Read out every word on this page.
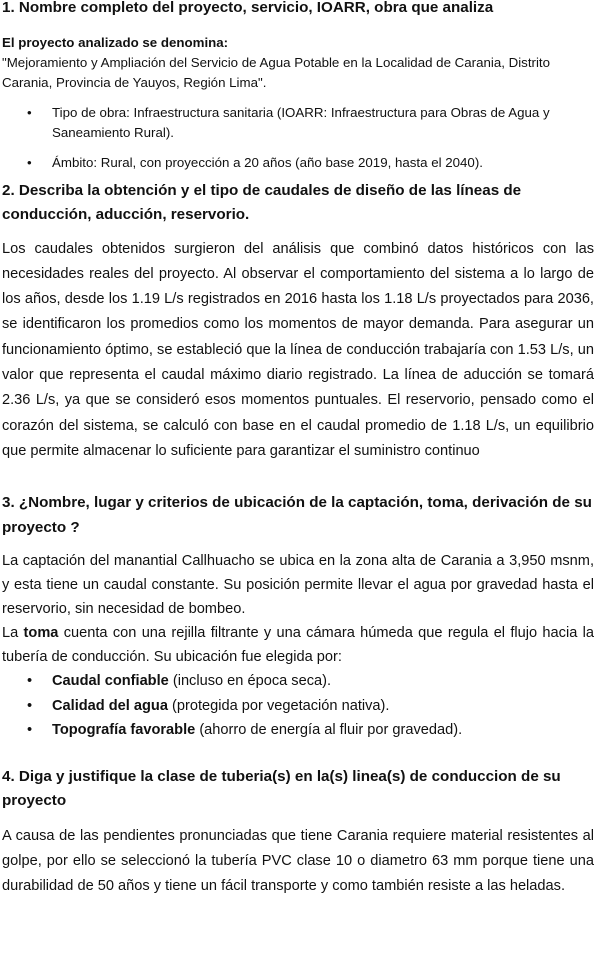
1. Nombre completo del proyecto, servicio, IOARR, obra que analiza

El proyecto analizado se denomina:
"Mejoramiento y Ampliación del Servicio de Agua Potable en la Localidad de Carania, Distrito Carania, Provincia de Yauyos, Región Lima".
• Tipo de obra: Infraestructura sanitaria (IOARR: Infraestructura para Obras de Agua y Saneamiento Rural).
• Ámbito: Rural, con proyección a 20 años (año base 2019, hasta el 2040).

2. Describa la obtención y el tipo de caudales de diseño de las líneas de conducción, aducción, reservorio.

Los caudales obtenidos surgieron del análisis que combinó datos históricos con las necesidades reales del proyecto. Al observar el comportamiento del sistema a lo largo de los años, desde los 1.19 L/s registrados en 2016 hasta los 1.18 L/s proyectados para 2036, se identificaron los promedios como los momentos de mayor demanda. Para asegurar un funcionamiento óptimo, se estableció que la línea de conducción trabajaría con 1.53 L/s, un valor que representa el caudal máximo diario registrado. La línea de aducción se tomará 2.36 L/s, ya que se consideró esos momentos puntuales. El reservorio, pensado como el corazón del sistema, se calculó con base en el caudal promedio de 1.18 L/s, un equilibrio que permite almacenar lo suficiente para garantizar el suministro continuo

3. ¿Nombre, lugar y criterios de ubicación de la captación, toma, derivación de su proyecto ?

La captación del manantial Callhuacho se ubica en la zona alta de Carania a 3,950 msnm, y esta tiene un caudal constante. Su posición permite llevar el agua por gravedad hasta el reservorio, sin necesidad de bombeo.

La toma cuenta con una rejilla filtrante y una cámara húmeda que regula el flujo hacia la tubería de conducción. Su ubicación fue elegida por:

• Caudal confiable (incluso en época seca).
• Calidad del agua (protegida por vegetación nativa).
• Topografía favorable (ahorro de energía al fluir por gravedad).

4. Diga y justifique la clase de tuberia(s) en la(s) linea(s) de conduccion de su proyecto

A causa de las pendientes pronunciadas que tiene Carania requiere material resistentes al golpe, por ello se seleccionó la tubería PVC clase 10 o diametro 63 mm porque tiene una durabilidad de 50 años y tiene un fácil transporte y como también resiste a las heladas.
